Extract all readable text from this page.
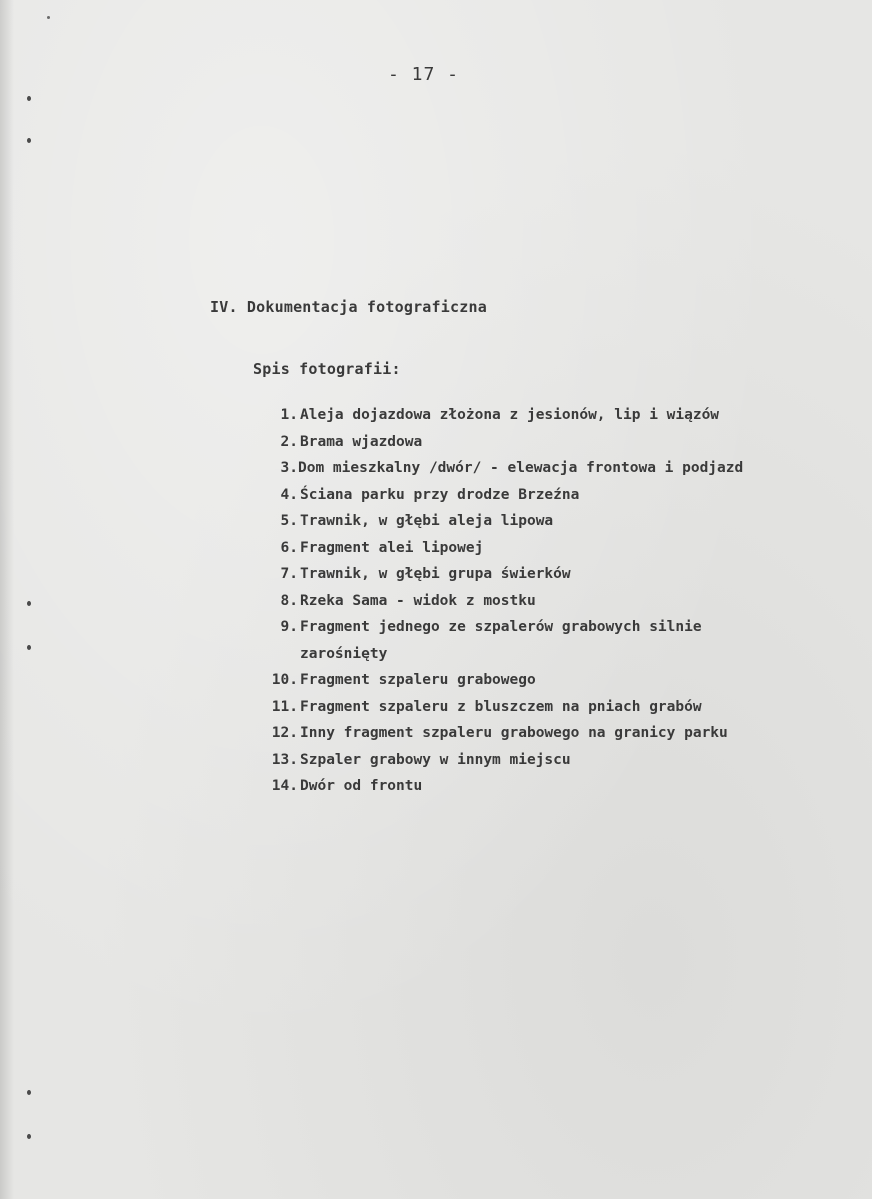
- 17 -
IV. Dokumentacja fotograficzna
Spis fotografii:
1. Aleja dojazdowa złożona z jesionów, lip i wiązów
2. Brama wjazdowa
3. Dom mieszkalny /dwór/ - elewacja frontowa i podjazd
4. Ściana parku przy drodze Brzeźna
5. Trawnik, w głębi aleja lipowa
6. Fragment alei lipowej
7. Trawnik, w głębi grupa świerków
8. Rzeka Sama - widok z mostku
9. Fragment jednego ze szpalerów grabowych silnie
zarośnięty
10. Fragment szpaleru grabowego
11. Fragment szpaleru z bluszczem na pniach grabów
12. Inny fragment szpaleru grabowego na granicy parku
13. Szpaler grabowy w innym miejscu
14. Dwór od frontu
